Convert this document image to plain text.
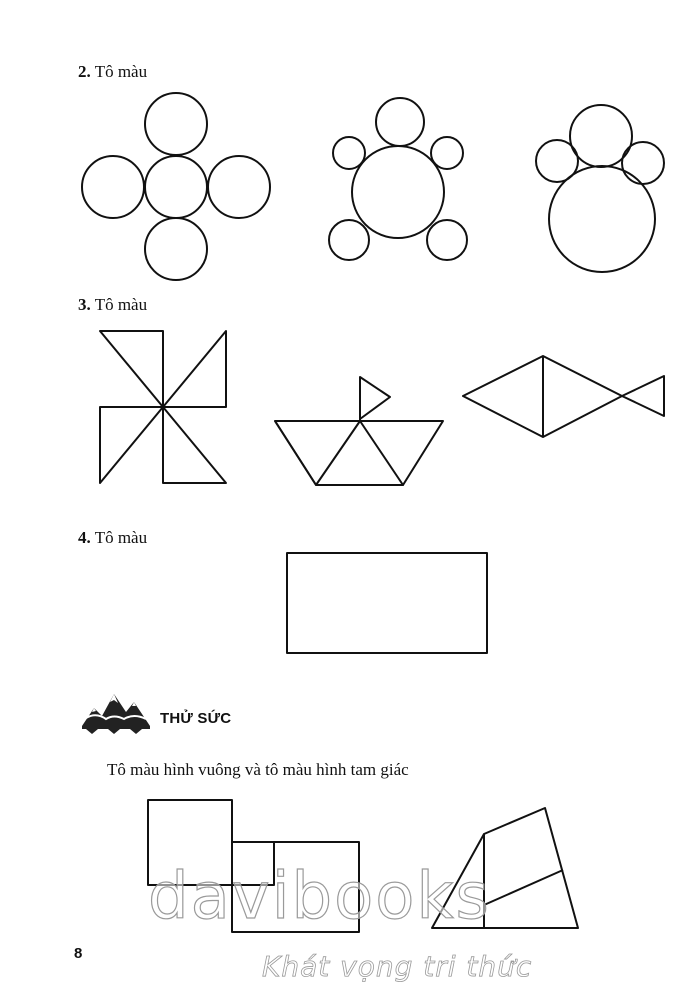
2. Tô màu
3. Tô màu
4. Tô màu
THỬ SỨC
Tô màu hình vuông và tô màu hình tam giác
davibooks
Khát vọng tri thức
8
